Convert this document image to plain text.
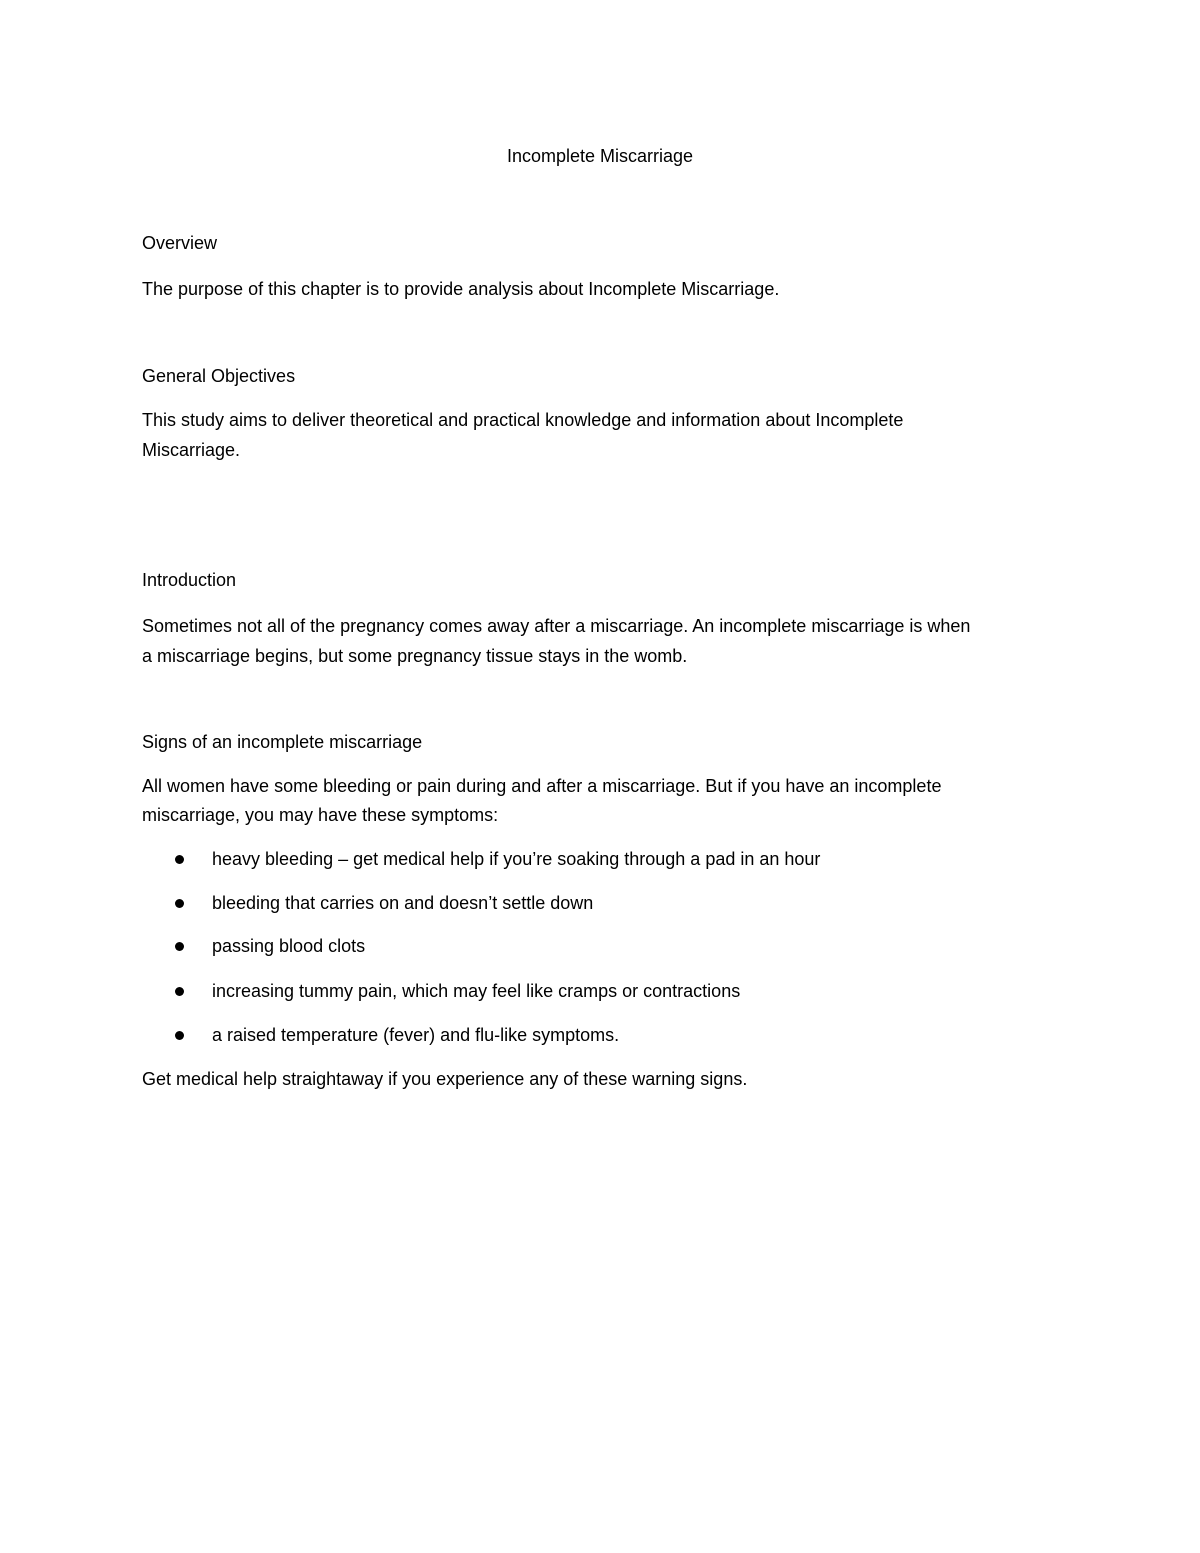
Incomplete Miscarriage

Overview

The purpose of this chapter is to provide analysis about Incomplete Miscarriage.

General Objectives

This study aims to deliver theoretical and practical knowledge and information about Incomplete

Miscarriage.

Introduction

Sometimes not all of the pregnancy comes away after a miscarriage. An incomplete miscarriage is when

a miscarriage begins, but some pregnancy tissue stays in the womb.

Signs of an incomplete miscarriage

All women have some bleeding or pain during and after a miscarriage. But if you have an incomplete

miscarriage, you may have these symptoms:

heavy bleeding – get medical help if you’re soaking through a pad in an hour
bleeding that carries on and doesn’t settle down
passing blood clots
increasing tummy pain, which may feel like cramps or contractions
a raised temperature (fever) and flu-like symptoms.

Get medical help straightaway if you experience any of these warning signs.
